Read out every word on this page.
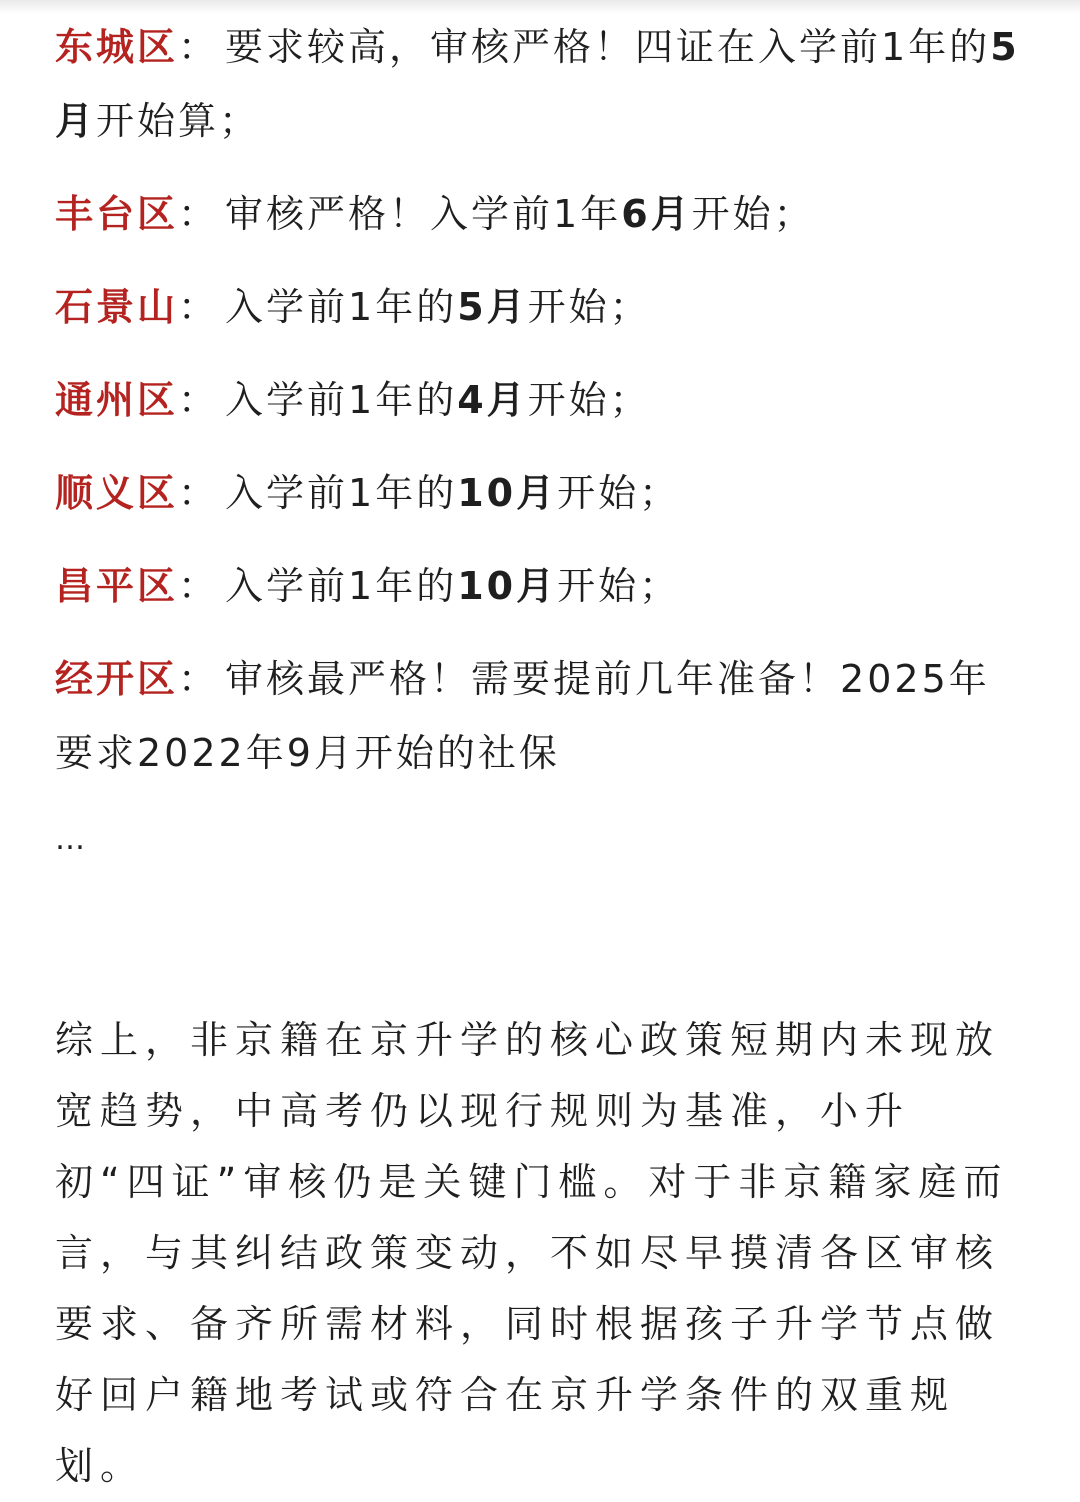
东城区： 要求较高，审核严格！四证在入学前1年的5月开始算；
丰台区： 审核严格！入学前1年6月开始；
石景山： 入学前1年的5月开始；
通州区： 入学前1年的4月开始；
顺义区： 入学前1年的10月开始；
昌平区： 入学前1年的10月开始；
经开区： 审核最严格！需要提前几年准备！2025年要求2022年9月开始的社保
…

综上，非京籍在京升学的核心政策短期内未现放宽趋势，中高考仍以现行规则为基准，小升初“四证”审核仍是关键门槛。对于非京籍家庭而言，与其纠结政策变动，不如尽早摸清各区审核要求、备齐所需材料，同时根据孩子升学节点做好回户籍地考试或符合在京升学条件的双重规划。
